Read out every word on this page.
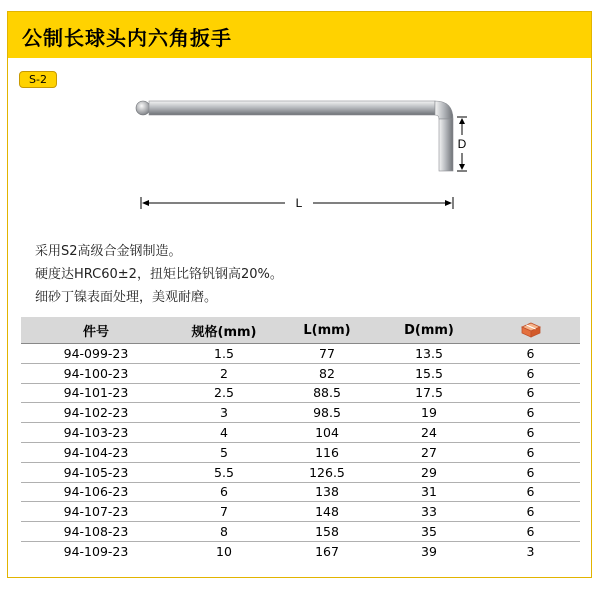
公制长球头内六角扳手
S-2
D
L
采用S2高级合金钢制造。
硬度达HRC60±2，扭矩比铬钒钢高20%。
细砂丁镍表面处理，美观耐磨。
件号	规格(mm)	L(mm)	D(mm)	
94-099-23	1.5	77	13.5	6
94-100-23	2	82	15.5	6
94-101-23	2.5	88.5	17.5	6
94-102-23	3	98.5	19	6
94-103-23	4	104	24	6
94-104-23	5	116	27	6
94-105-23	5.5	126.5	29	6
94-106-23	6	138	31	6
94-107-23	7	148	33	6
94-108-23	8	158	35	6
94-109-23	10	167	39	3
